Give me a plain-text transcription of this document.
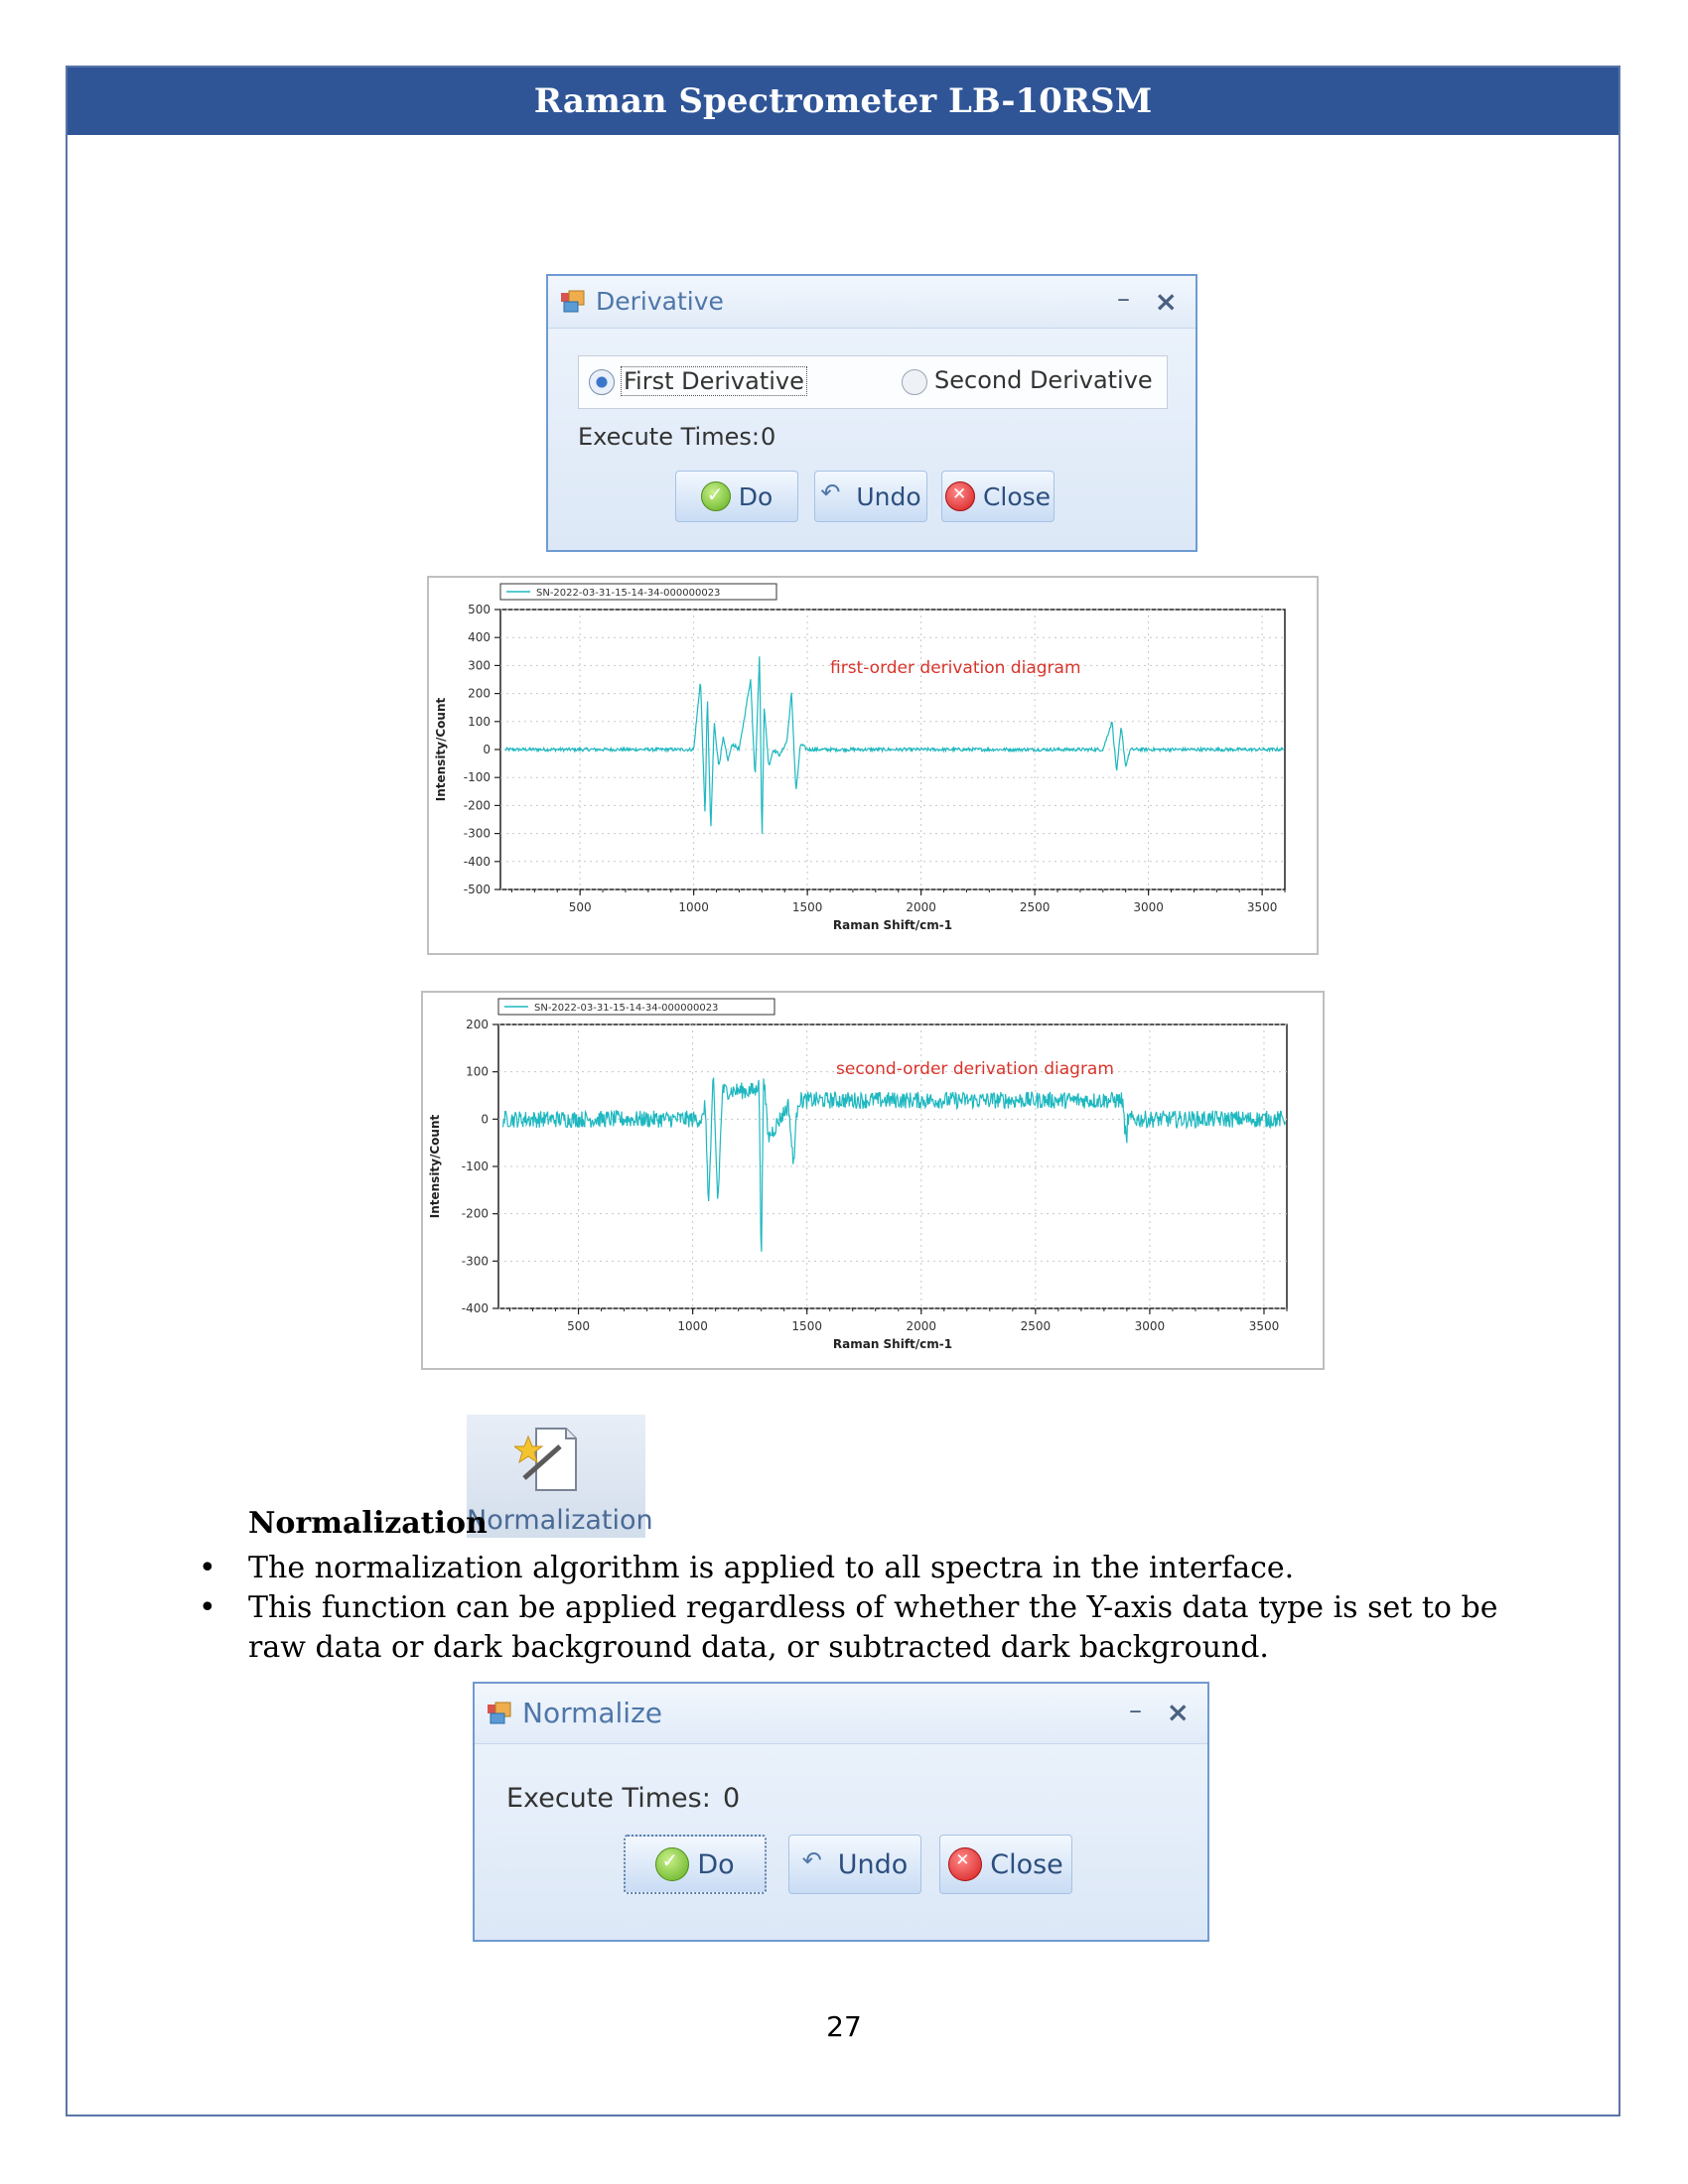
Raman Spectrometer LB-10RSM
Derivative	– ×
First Derivative	Second Derivative
Execute Times: 0
✓
Do ↶ Undo ✕ Close
500	1000	1500	2000	2500	3000	3500
500
400
300
200
100
0
-100
-200
-300
-400
-500
SN-2022-03-31-15-14-34-000000023
first-order derivation diagram
Raman Shift/cm-1
Intensity/Count
500	1000	1500	2000	2500	3000	3500
200
100
0
-100
-200
-300
-400
SN-2022-03-31-15-14-34-000000023
second-order derivation diagram
Raman Shift/cm-1
Intensity/Count
Normalization
Normalization
• The normalization algorithm is applied to all spectra in the interface.
• This function can be applied regardless of whether the Y-axis data type is set to be raw data or dark background data, or subtracted dark background.
Normalize	– ×
Execute Times: 0
✓
Do	↶ Undo ✕	Close
27
